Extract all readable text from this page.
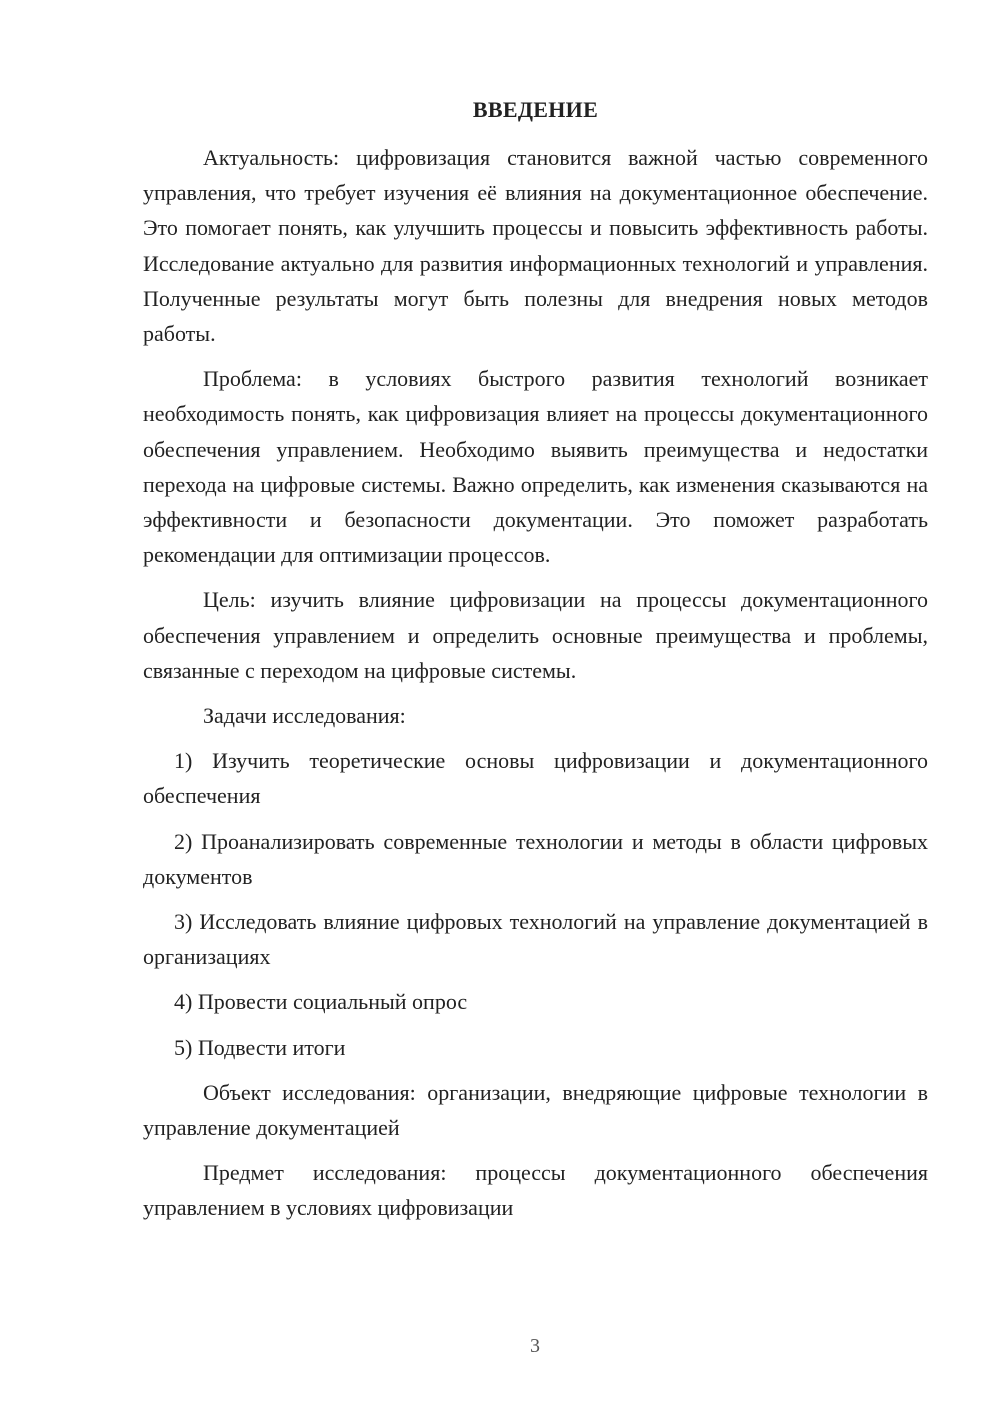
ВВЕДЕНИЕ

Актуальность: цифровизация становится важной частью современного управления, что требует изучения её влияния на документационное обеспечение. Это помогает понять, как улучшить процессы и повысить эффективность работы. Исследование актуально для развития информационных технологий и управления. Полученные результаты могут быть полезны для внедрения новых методов работы.

Проблема: в условиях быстрого развития технологий возникает необходимость понять, как цифровизация влияет на процессы документационного обеспечения управлением. Необходимо выявить преимущества и недостатки перехода на цифровые системы. Важно определить, как изменения сказываются на эффективности и безопасности документации. Это поможет разработать рекомендации для оптимизации процессов.

Цель: изучить влияние цифровизации на процессы документационного обеспечения управлением и определить основные преимущества и проблемы, связанные с переходом на цифровые системы.

Задачи исследования:

1) Изучить теоретические основы цифровизации и документационного обеспечения

2) Проанализировать современные технологии и методы в области цифровых документов

3) Исследовать влияние цифровых технологий на управление документацией в организациях

4) Провести социальный опрос

5) Подвести итоги

Объект исследования: организации, внедряющие цифровые технологии в управление документацией

Предмет исследования: процессы документационного обеспечения управлением в условиях цифровизации

3
